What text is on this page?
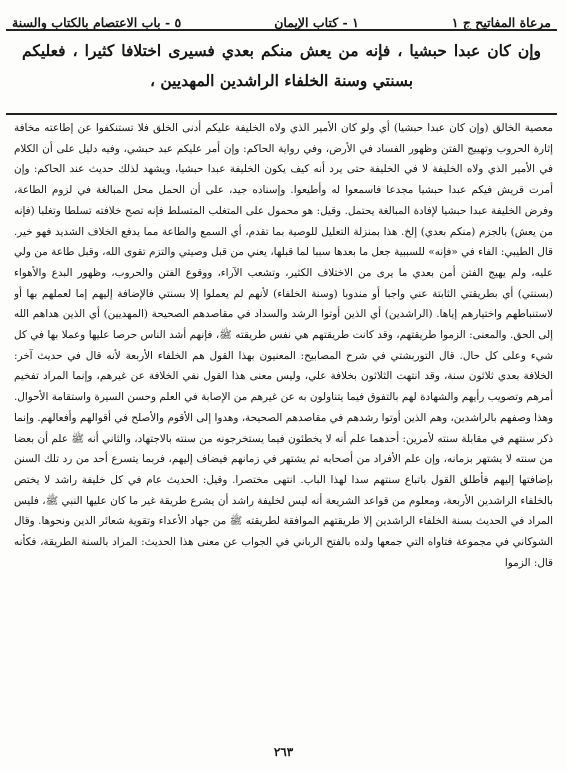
مرعاة المفاتيح ج ١
١ - كتاب الإيمان
٥ - باب الاعتصام بالكتاب والسنة
وإن كان عبدا حبشيا ، فإنه من يعش منكم بعدي فسيرى اختلافا كثيرا ، فعليكم بسنتي وسنة الخلفاء الراشدين المهديين ،

معصية الخالق (وإن كان عبدا حبشيا) أي ولو كان الأمير الذي ولاه الخليفة عليكم أدنى الخلق فلا تستنكفوا عن إطاعته مخافة إثارة الحروب وتهييج الفتن وظهور الفساد في الأرض، وفي رواية الحاكم: وإن أمر عليكم عبد حبشي، وفيه دليل على أن الكلام في الأمير الذي ولاه الخليفة لا في الخليفة حتى يرد أنه كيف يكون الخليفة عبدا حبشيا، ويشهد لذلك حديث عند الحاكم: وإن أمرت قريش فيكم عبدا حبشيا مجدعا فاسمعوا له وأطيعوا. وإسناده جيد، على أن الحمل محل المبالغة في لزوم الطاعة، وفرض الخليفة عبدا حبشيا لإفادة المبالغة يحتمل. وقيل: هو محمول على المتغلب المتسلط فإنه تصح خلافته تسلطا وتغلبا (فإنه من يعش) بالجزم (منكم بعدي) إلخ. هذا بمنزلة التعليل للوصية بما تقدم، أي السمع والطاعة مما يدفع الخلاف الشديد فهو خير. قال الطيبي: الفاء في «فإنه» للسببية جعل ما بعدها سببا لما قبلها، يعني من قبل وصيتي والتزم تقوى الله، وقبل طاعة من ولي عليه، ولم يهيج الفتن أمن بعدي ما يرى من الاختلاف الكثير، وتشعب الآراء، ووقوع الفتن والحروب، وظهور البدع والأهواء (بسنتي) أي بطريقتي الثابتة عني واجبا أو مندوبا (وسنة الخلفاء) لأنهم لم يعملوا إلا بسنتي فالإضافة إليهم إما لعملهم بها أو لاستنباطهم واختيارهم إياها. (الراشدين) أي الذين أوتوا الرشد والسداد في مقاصدهم الصحيحة (المهديين) أي الذين هداهم الله إلى الحق. والمعنى: الزموا طريقتهم، وقد كانت طريقتهم هي نفس طريقته ﷺ، فإنهم أشد الناس حرصا عليها وعملا بها في كل شيء وعلى كل حال. قال التوربشتي في شرح المصابيح: المعنيون بهذا القول هم الخلفاء الأربعة لأنه قال في حديث آخر: الخلافة بعدي ثلاثون سنة، وقد انتهت الثلاثون بخلافة علي، وليس معنى هذا القول نفي الخلافة عن غيرهم، وإنما المراد تفخيم أمرهم وتصويب رأيهم والشهادة لهم بالتفوق فيما يتناولون به عن غيرهم من الإصابة في العلم وحسن السيرة واستقامة الأحوال. وهذا وصفهم بالراشدين، وهم الذين أوتوا رشدهم في مقاصدهم الصحيحة، وهدوا إلى الأقوم والأصلح في أقوالهم وأفعالهم. وإنما ذكر سنتهم في مقابلة سنته لأمرين: أحدهما علم أنه لا يخطئون فيما يستخرجونه من سنته بالاجتهاد، والثاني أنه ﷺ علم أن بعضا من سنته لا يشتهر بزمانه، وإن علم الأفراد من أصحابه ثم يشتهر في زمانهم فيضاف إليهم، فربما يتسرع أحد من رد تلك السنن بإضافتها إليهم فأطلق القول باتباع سنتهم سدا لهذا الباب. انتهى مختصرا. وقيل: الحديث عام في كل خليفة راشد لا يختص بالخلفاء الراشدين الأربعة، ومعلوم من قواعد الشريعة أنه ليس لخليفة راشد أن يشرع طريقة غير ما كان عليها النبي ﷺ، فليس المراد في الحديث بسنة الخلفاء الراشدين إلا طريقتهم الموافقة لطريقته ﷺ من جهاد الأعداء وتقوية شعائر الدين ونحوها. وقال الشوكاني في مجموعة فتاواه التي جمعها ولده بالفتح الرباني في الجواب عن معنى هذا الحديث: المراد بالسنة الطريقة، فكأنه قال: الزموا

٢٦٣
